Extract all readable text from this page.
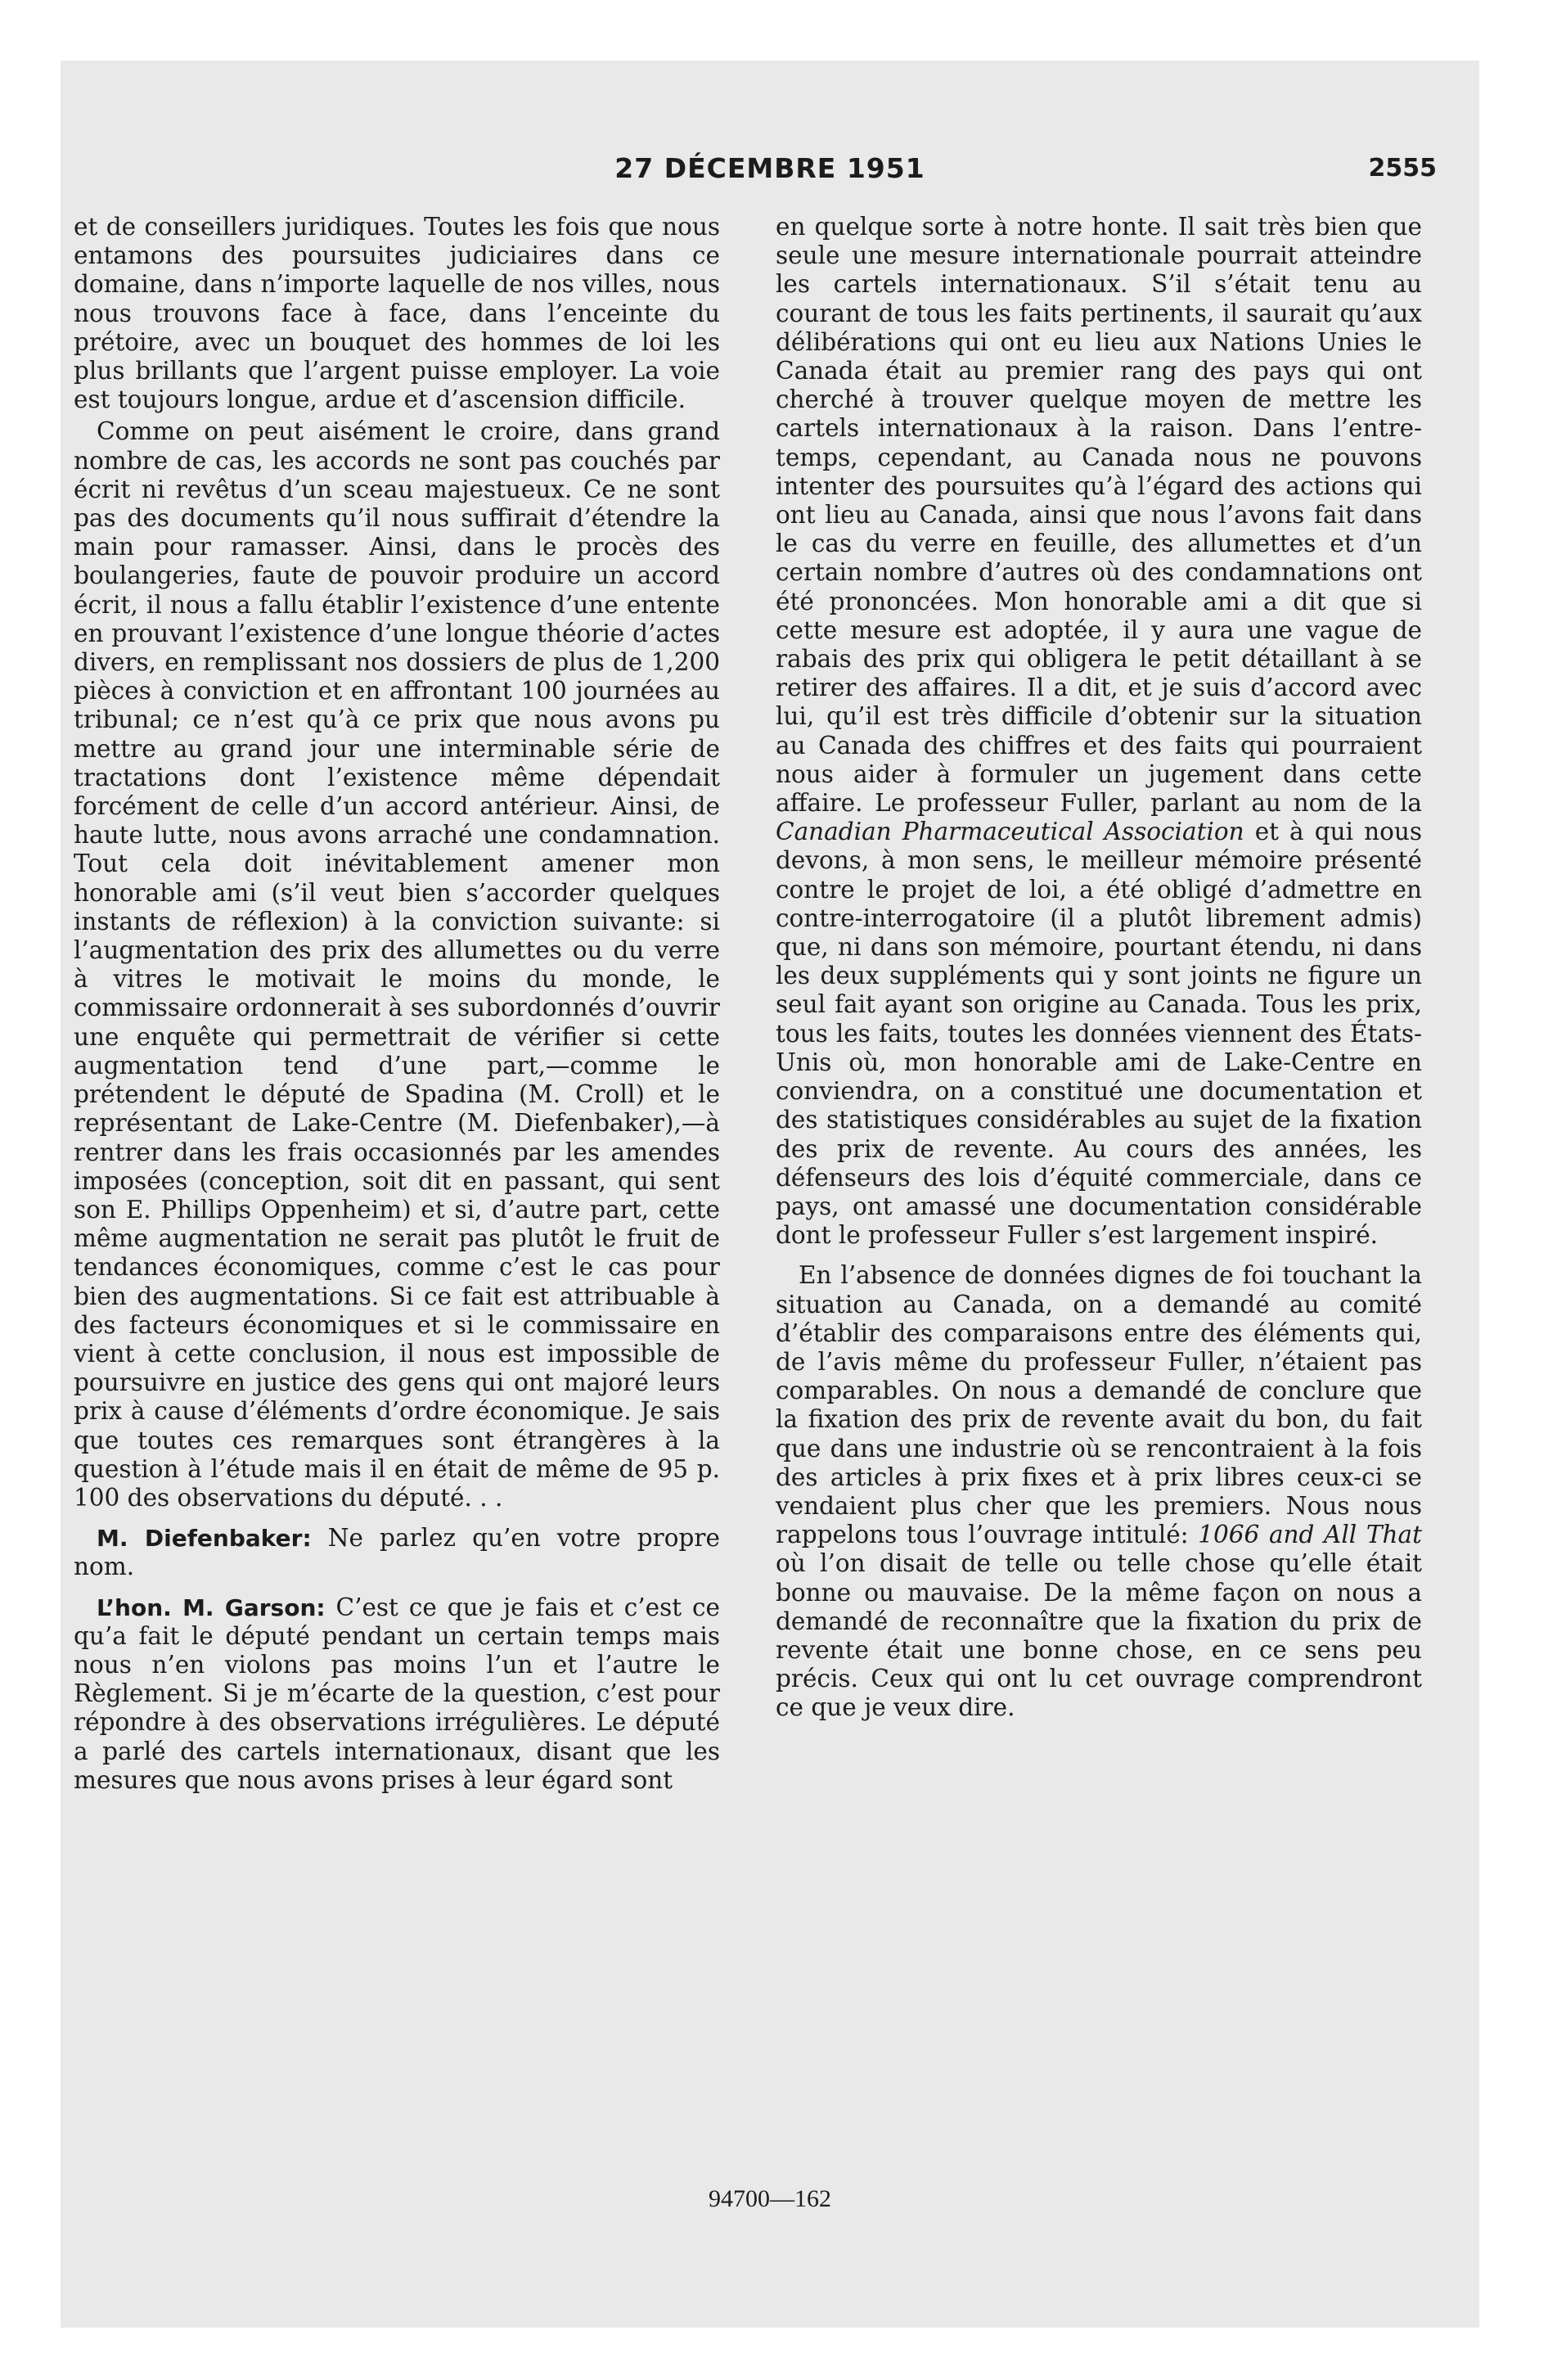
27 DÉCEMBRE 1951	2555

et de conseillers juridiques. Toutes les fois que nous entamons des poursuites judiciaires dans ce domaine, dans n’importe laquelle de nos villes, nous nous trouvons face à face, dans l’enceinte du prétoire, avec un bouquet des hommes de loi les plus brillants que l’argent puisse employer. La voie est toujours longue, ardue et d’ascension difficile.

Comme on peut aisément le croire, dans grand nombre de cas, les accords ne sont pas couchés par écrit ni revêtus d’un sceau majestueux. Ce ne sont pas des documents qu’il nous suffirait d’étendre la main pour ramasser. Ainsi, dans le procès des boulangeries, faute de pouvoir produire un accord écrit, il nous a fallu établir l’existence d’une entente en prouvant l’existence d’une longue théorie d’actes divers, en remplissant nos dossiers de plus de 1,200 pièces à conviction et en affrontant 100 journées au tribunal; ce n’est qu’à ce prix que nous avons pu mettre au grand jour une interminable série de tractations dont l’existence même dépendait forcément de celle d’un accord antérieur. Ainsi, de haute lutte, nous avons arraché une condamnation. Tout cela doit inévitablement amener mon honorable ami (s’il veut bien s’accorder quelques instants de réflexion) à la conviction suivante: si l’augmentation des prix des allumettes ou du verre à vitres le motivait le moins du monde, le commissaire ordonnerait à ses subordonnés d’ouvrir une enquête qui permettrait de vérifier si cette augmentation tend d’une part,—comme le prétendent le député de Spadina (M. Croll) et le représentant de Lake-Centre (M. Diefenbaker),—à rentrer dans les frais occasionnés par les amendes imposées (conception, soit dit en passant, qui sent son E. Phillips Oppenheim) et si, d’autre part, cette même augmentation ne serait pas plutôt le fruit de tendances économiques, comme c’est le cas pour bien des augmentations. Si ce fait est attribuable à des facteurs économiques et si le commissaire en vient à cette conclusion, il nous est impossible de poursuivre en justice des gens qui ont majoré leurs prix à cause d’éléments d’ordre économique. Je sais que toutes ces remarques sont étrangères à la question à l’étude mais il en était de même de 95 p. 100 des observations du député. . .

M. Diefenbaker: Ne parlez qu’en votre propre nom.

L’hon. M. Garson: C’est ce que je fais et c’est ce qu’a fait le député pendant un certain temps mais nous n’en violons pas moins l’un et l’autre le Règlement. Si je m’écarte de la question, c’est pour répondre à des observations irrégulières. Le député a parlé des cartels internationaux, disant que les mesures que nous avons prises à leur égard sont

en quelque sorte à notre honte. Il sait très bien que seule une mesure internationale pourrait atteindre les cartels internationaux. S’il s’était tenu au courant de tous les faits pertinents, il saurait qu’aux délibérations qui ont eu lieu aux Nations Unies le Canada était au premier rang des pays qui ont cherché à trouver quelque moyen de mettre les cartels internationaux à la raison. Dans l’entre-temps, cependant, au Canada nous ne pouvons intenter des poursuites qu’à l’égard des actions qui ont lieu au Canada, ainsi que nous l’avons fait dans le cas du verre en feuille, des allumettes et d’un certain nombre d’autres où des condamnations ont été prononcées. Mon honorable ami a dit que si cette mesure est adoptée, il y aura une vague de rabais des prix qui obligera le petit détaillant à se retirer des affaires. Il a dit, et je suis d’accord avec lui, qu’il est très difficile d’obtenir sur la situation au Canada des chiffres et des faits qui pourraient nous aider à formuler un jugement dans cette affaire. Le professeur Fuller, parlant au nom de la Canadian Pharmaceutical Association et à qui nous devons, à mon sens, le meilleur mémoire présenté contre le projet de loi, a été obligé d’admettre en contre-interrogatoire (il a plutôt librement admis) que, ni dans son mémoire, pourtant étendu, ni dans les deux suppléments qui y sont joints ne figure un seul fait ayant son origine au Canada. Tous les prix, tous les faits, toutes les données viennent des États-Unis où, mon honorable ami de Lake-Centre en conviendra, on a constitué une documentation et des statistiques considérables au sujet de la fixation des prix de revente. Au cours des années, les défenseurs des lois d’équité commerciale, dans ce pays, ont amassé une documentation considérable dont le professeur Fuller s’est largement inspiré.

En l’absence de données dignes de foi touchant la situation au Canada, on a demandé au comité d’établir des comparaisons entre des éléments qui, de l’avis même du professeur Fuller, n’étaient pas comparables. On nous a demandé de conclure que la fixation des prix de revente avait du bon, du fait que dans une industrie où se rencontraient à la fois des articles à prix fixes et à prix libres ceux-ci se vendaient plus cher que les premiers. Nous nous rappelons tous l’ouvrage intitulé: 1066 and All That où l’on disait de telle ou telle chose qu’elle était bonne ou mauvaise. De la même façon on nous a demandé de reconnaître que la fixation du prix de revente était une bonne chose, en ce sens peu précis. Ceux qui ont lu cet ouvrage comprendront ce que je veux dire.

94700—162
